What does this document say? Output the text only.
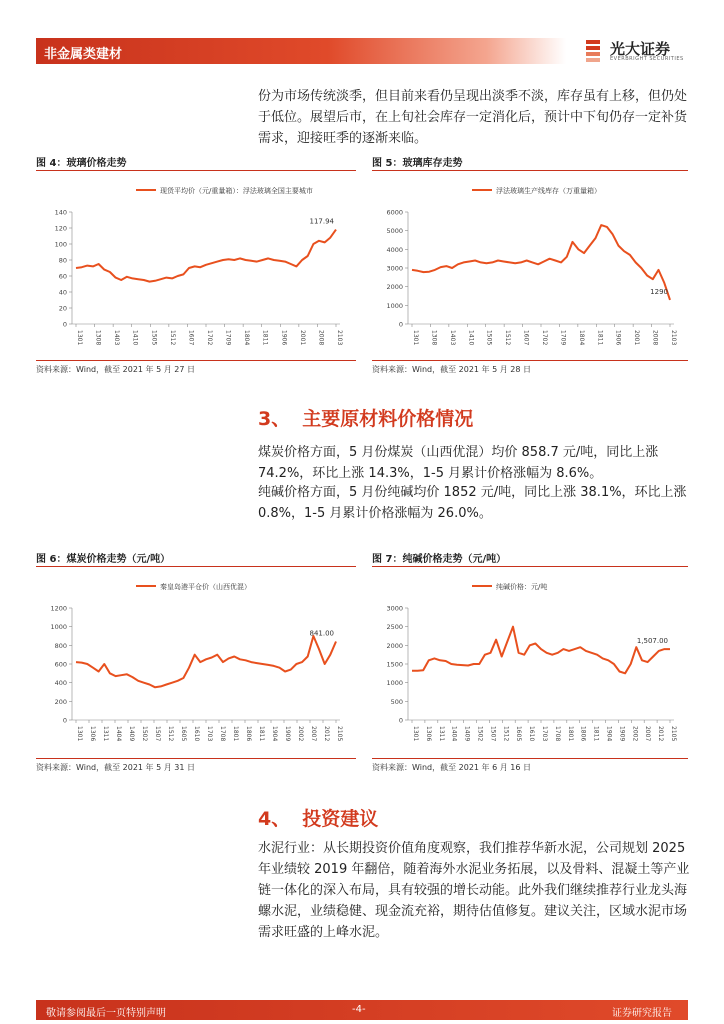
非金属类建材	光大证券
EVERBRIGHT SECURITIES
份为市场传统淡季，但目前来看仍呈现出淡季不淡，库存虽有上移，但仍处于低位。展望后市，在上旬社会库存一定消化后，预计中下旬仍存一定补货需求，迎接旺季的逐渐来临。
图 4：玻璃价格走势	图 5：玻璃库存走势
现货平均价（元/重量箱）：浮法玻璃全国主要城市
0
20
40
60
80
100
120
140
1301 1308 1403 1410 1505 1512 1607 1702 1709 1804 1811 1906 2001 2008 2103
117.94
浮法玻璃生产线库存（万重量箱）
0
1000
2000
3000
4000
5000
6000
1301 1308 1403 1410 1505 1512 1607 1702 1709 1804 1811 1906 2001 2008 2103
1290
资料来源：Wind，截至 2021 年 5 月 27 日	资料来源：Wind，截至 2021 年 5 月 28 日
3、 主要原材料价格情况
煤炭价格方面，5 月份煤炭（山西优混）均价 858.7 元/吨，同比上涨 74.2%，环比上涨 14.3%，1-5 月累计价格涨幅为 8.6%。
纯碱价格方面，5 月份纯碱均价 1852 元/吨，同比上涨 38.1%，环比上涨 0.8%，1-5 月累计价格涨幅为 26.0%。
图 6：煤炭价格走势（元/吨）	图 7：纯碱价格走势（元/吨）
秦皇岛港平仓价（山西优混）
0
200
400
600
800
1000
1200
1301 1306 1311 1404 1409 1502 1507 1512 1605 1610 1703 1708 1801 1806 1811 1904 1909 2002 2007 2012 2105
841.00
纯碱价格：元/吨
0
500
1000
1500
2000
2500
3000
1301 1306 1311 1404 1409 1502 1507 1512 1605 1610 1703 1708 1801 1806 1811 1904 1909 2002 2007 2012 2105
1,507.00
资料来源：Wind，截至 2021 年 5 月 31 日	资料来源：Wind，截至 2021 年 6 月 16 日
4、 投资建议
水泥行业：从长期投资价值角度观察，我们推荐华新水泥，公司规划 2025 年业绩较 2019 年翻倍，随着海外水泥业务拓展，以及骨料、混凝土等产业链一体化的深入布局，具有较强的增长动能。此外我们继续推荐行业龙头海螺水泥，业绩稳健、现金流充裕，期待估值修复。建议关注，区域水泥市场需求旺盛的上峰水泥。
敬请参阅最后一页特别声明	-4-	证券研究报告
